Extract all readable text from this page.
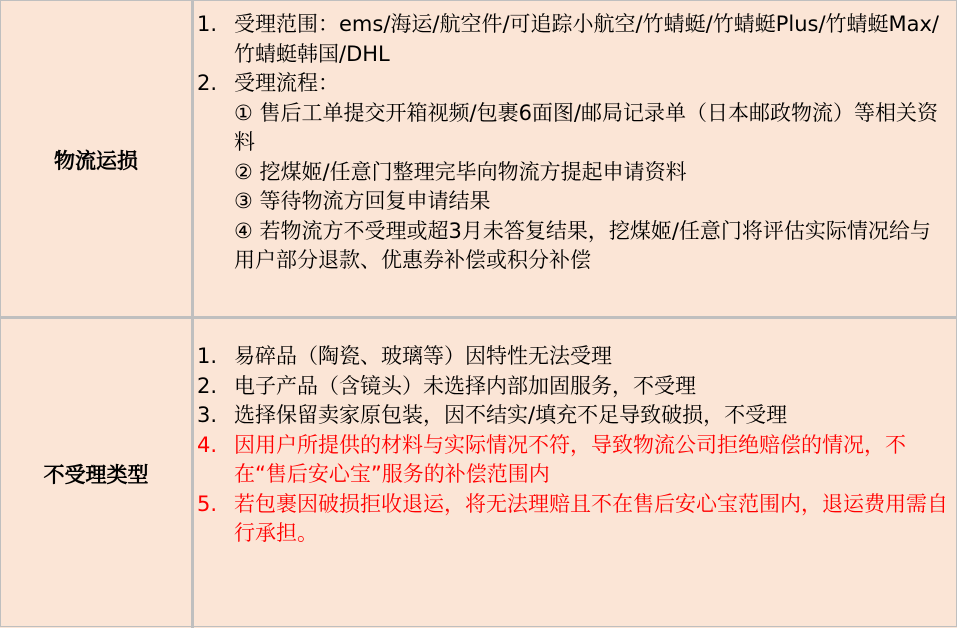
物流运损
1. 受理范围：ems/海运/航空件/可追踪小航空/竹蜻蜓/竹蜻蜓Plus/竹蜻蜓Max/竹蜻蜓韩国/DHL
2. 受理流程：
① 售后工单提交开箱视频/包裹6面图/邮局记录单（日本邮政物流）等相关资料
② 挖煤姬/任意门整理完毕向物流方提起申请资料
③ 等待物流方回复申请结果
④ 若物流方不受理或超3月未答复结果，挖煤姬/任意门将评估实际情况给与用户部分退款、优惠券补偿或积分补偿
不受理类型
1. 易碎品（陶瓷、玻璃等）因特性无法受理
2. 电子产品（含镜头）未选择内部加固服务，不受理
3. 选择保留卖家原包装，因不结实/填充不足导致破损，不受理
4. 因用户所提供的材料与实际情况不符，导致物流公司拒绝赔偿的情况，不在“售后安心宝”服务的补偿范围内
5. 若包裹因破损拒收退运，将无法理赔且不在售后安心宝范围内，退运费用需自行承担。
